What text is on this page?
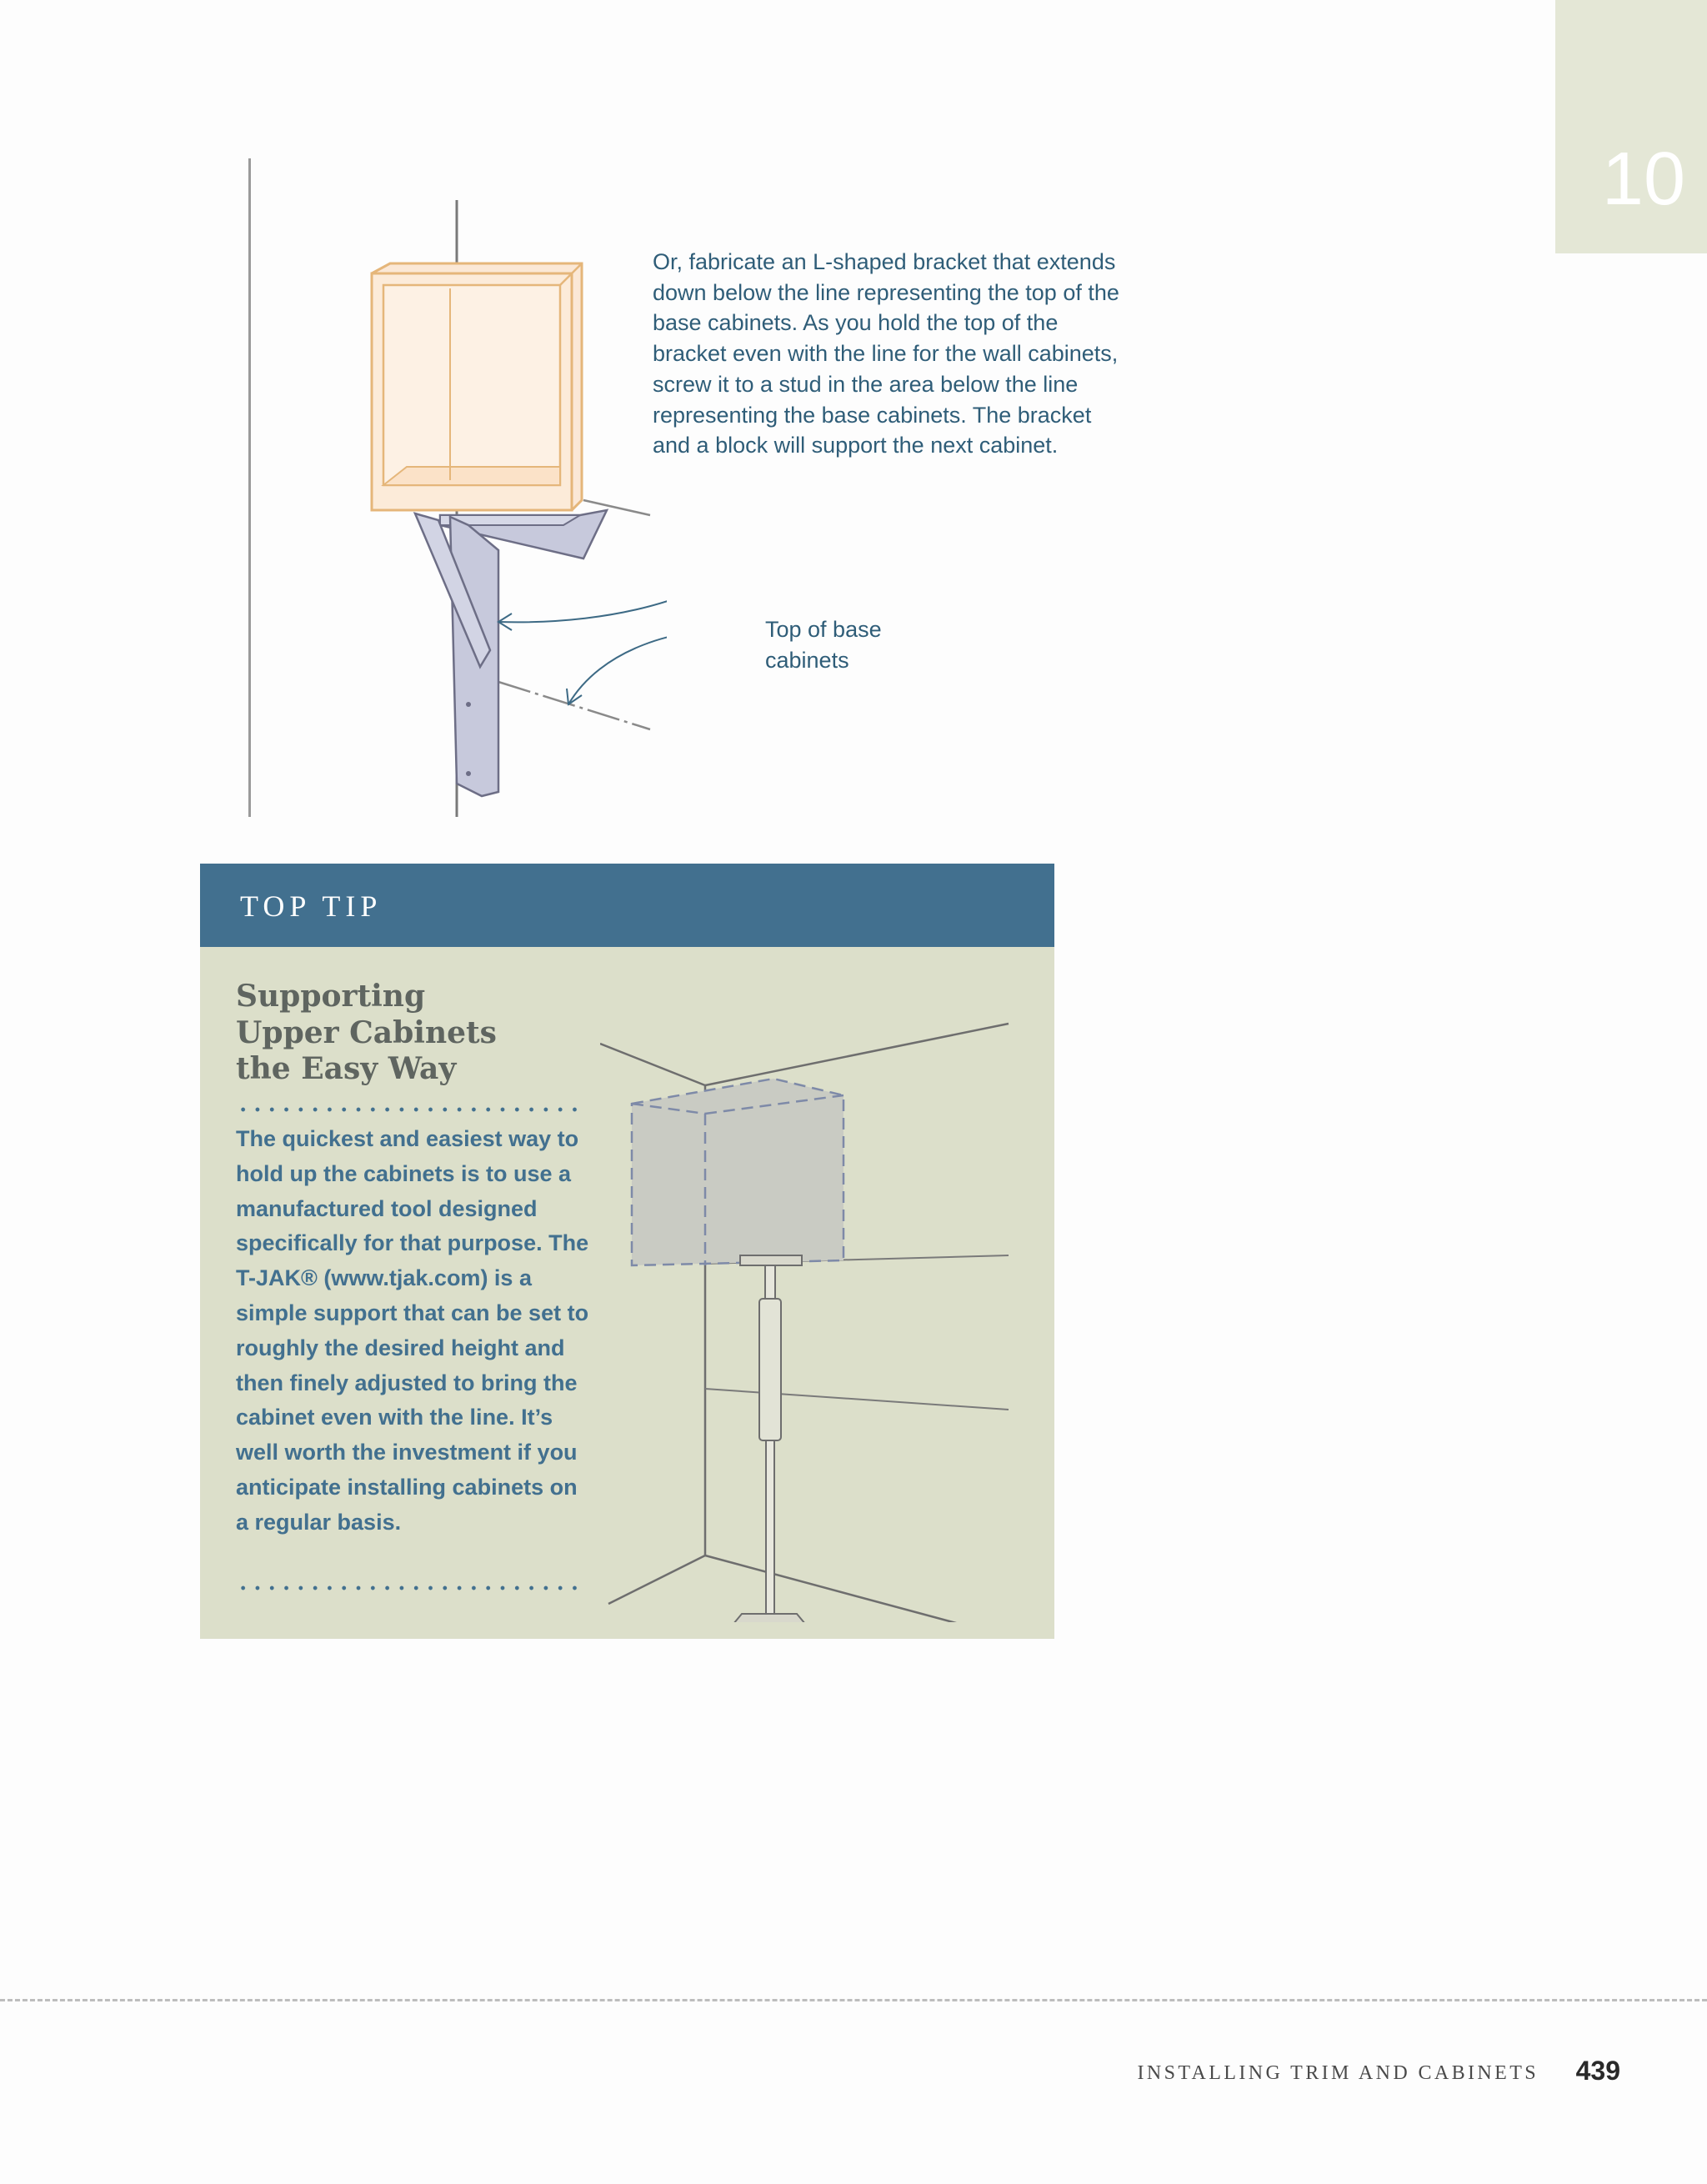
10
Or, fabricate an L-shaped bracket that extends down below the line representing the top of the base cabinets. As you hold the top of the bracket even with the line for the wall cabinets, screw it to a stud in the area below the line representing the base cabinets. The bracket and a block will support the next cabinet.
Top of base cabinets
TOP TIP
Supporting
Upper Cabinets
the Easy Way
The quickest and easiest way to hold up the cabinets is to use a manufactured tool designed specifically for that purpose. The T-JAK® (www.tjak.com) is a simple support that can be set to roughly the desired height and then finely adjusted to bring the cabinet even with the line. It’s well worth the investment if you anticipate installing cabinets on a regular basis.
INSTALLING TRIM AND CABINETS 439
